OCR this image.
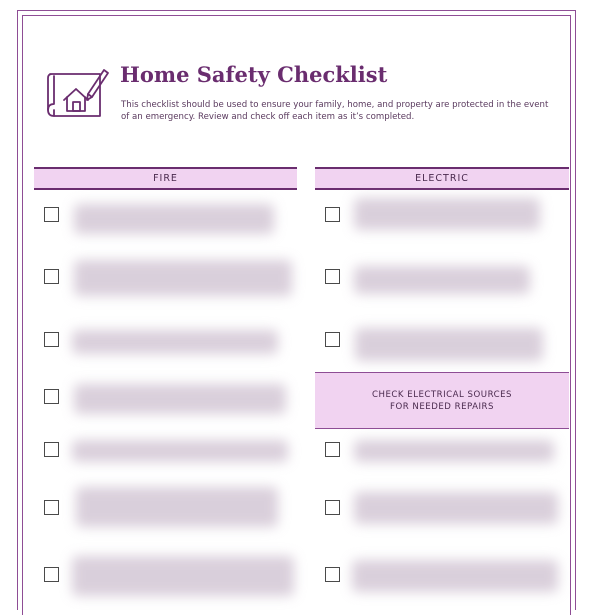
Home Safety Checklist

This checklist should be used to ensure your family, home, and property are protected in the event of an emergency. Review and check off each item as it’s completed.

FIRE	ELECTRIC
CHECK ELECTRICAL SOURCES
FOR NEEDED REPAIRS
